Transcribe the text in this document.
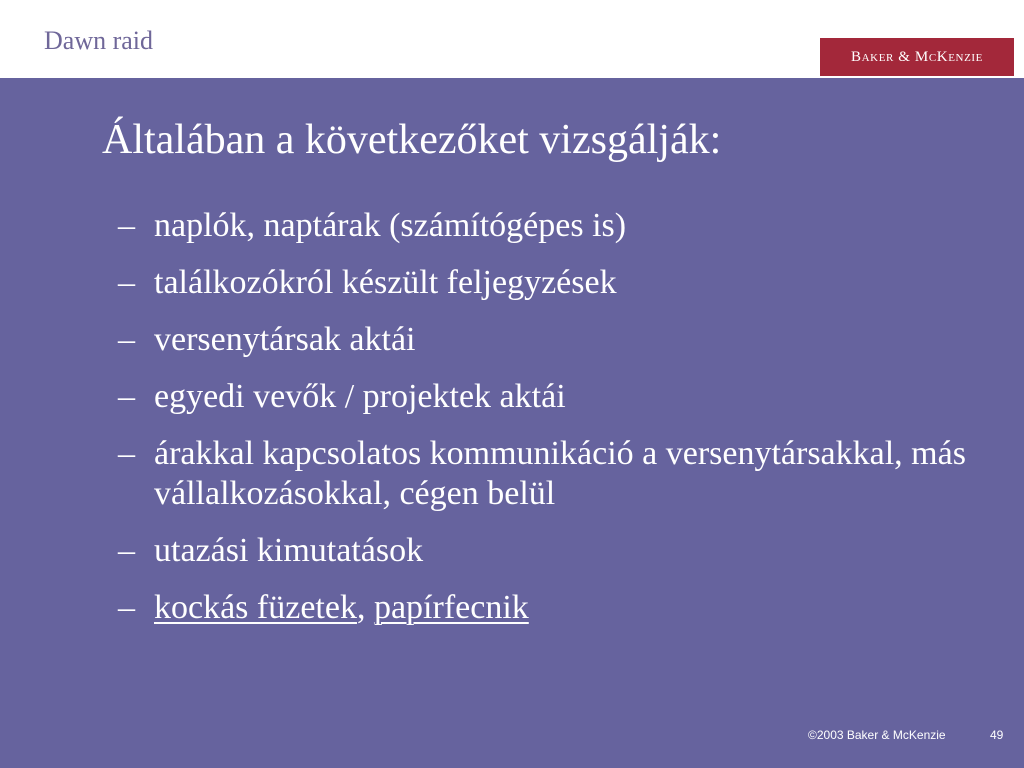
Dawn raid
Baker & McKenzie
Általában a következőket vizsgálják:
– naplók, naptárak (számítógépes is)
– találkozókról készült feljegyzések
– versenytársak aktái
– egyedi vevők / projektek aktái
– árakkal kapcsolatos kommunikáció a versenytársakkal, más vállalkozásokkal, cégen belül
– utazási kimutatások
– kockás füzetek, papírfecnik
©2003 Baker & McKenzie	49
